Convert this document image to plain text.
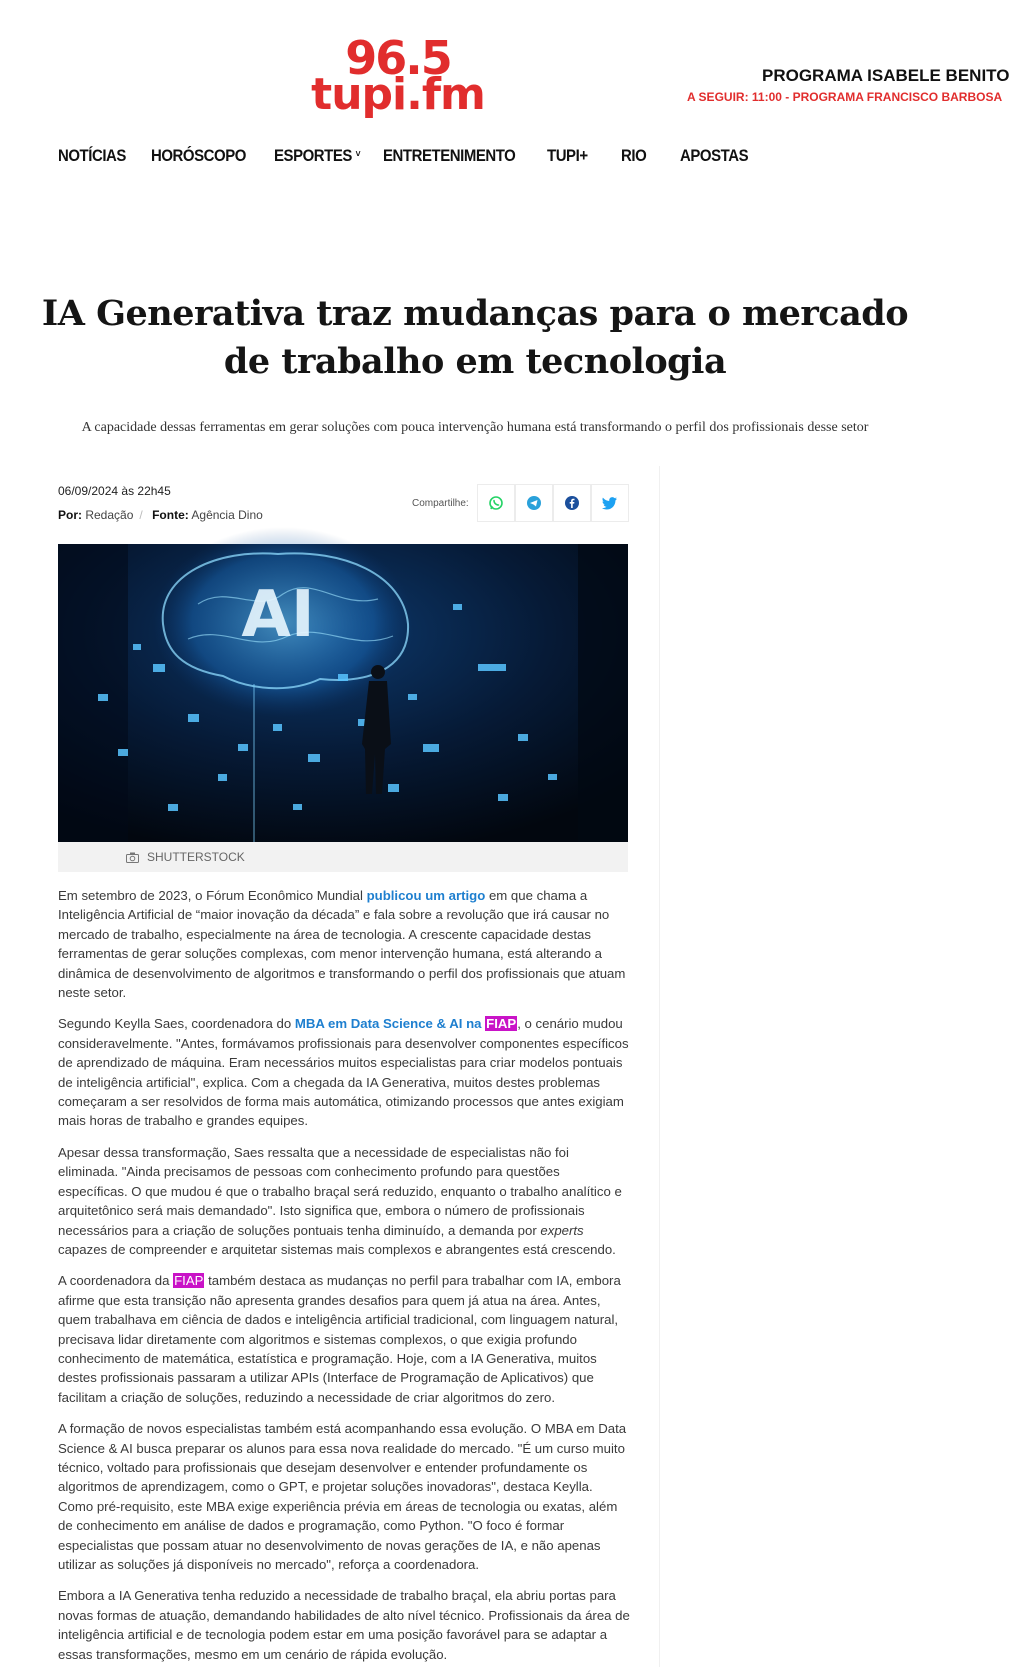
96.5
tupi.fm	PROGRAMA ISABELE BENITO
A SEGUIR: 11:00 - PROGRAMA FRANCISCO BARBOSA
NOTÍCIAS	HORÓSCOPO	ESPORTES ˅	ENTRETENIMENTO	TUPI+	RIO	APOSTAS
IA Generativa traz mudanças para o mercado de trabalho em tecnologia
A capacidade dessas ferramentas em gerar soluções com pouca intervenção humana está transformando o perfil dos profissionais desse setor
06/09/2024 às 22h45
Por: Redação / Fonte: Agência Dino
Compartilhe:
AI
SHUTTERSTOCK

Em setembro de 2023, o Fórum Econômico Mundial publicou um artigo em que chama a Inteligência Artificial de “maior inovação da década” e fala sobre a revolução que irá causar no mercado de trabalho, especialmente na área de tecnologia. A crescente capacidade destas ferramentas de gerar soluções complexas, com menor intervenção humana, está alterando a dinâmica de desenvolvimento de algoritmos e transformando o perfil dos profissionais que atuam neste setor.

Segundo Keylla Saes, coordenadora do MBA em Data Science & AI na FIAP, o cenário mudou consideravelmente. "Antes, formávamos profissionais para desenvolver componentes específicos de aprendizado de máquina. Eram necessários muitos especialistas para criar modelos pontuais de inteligência artificial", explica. Com a chegada da IA Generativa, muitos destes problemas começaram a ser resolvidos de forma mais automática, otimizando processos que antes exigiam mais horas de trabalho e grandes equipes.

Apesar dessa transformação, Saes ressalta que a necessidade de especialistas não foi eliminada. "Ainda precisamos de pessoas com conhecimento profundo para questões específicas. O que mudou é que o trabalho braçal será reduzido, enquanto o trabalho analítico e arquitetônico será mais demandado". Isto significa que, embora o número de profissionais necessários para a criação de soluções pontuais tenha diminuído, a demanda por experts capazes de compreender e arquitetar sistemas mais complexos e abrangentes está crescendo.

A coordenadora da FIAP também destaca as mudanças no perfil para trabalhar com IA, embora afirme que esta transição não apresenta grandes desafios para quem já atua na área. Antes, quem trabalhava em ciência de dados e inteligência artificial tradicional, com linguagem natural, precisava lidar diretamente com algoritmos e sistemas complexos, o que exigia profundo conhecimento de matemática, estatística e programação. Hoje, com a IA Generativa, muitos destes profissionais passaram a utilizar APIs (Interface de Programação de Aplicativos) que facilitam a criação de soluções, reduzindo a necessidade de criar algoritmos do zero.

A formação de novos especialistas também está acompanhando essa evolução. O MBA em Data Science & AI busca preparar os alunos para essa nova realidade do mercado. "É um curso muito técnico, voltado para profissionais que desejam desenvolver e entender profundamente os algoritmos de aprendizagem, como o GPT, e projetar soluções inovadoras", destaca Keylla. Como pré-requisito, este MBA exige experiência prévia em áreas de tecnologia ou exatas, além de conhecimento em análise de dados e programação, como Python. "O foco é formar especialistas que possam atuar no desenvolvimento de novas gerações de IA, e não apenas utilizar as soluções já disponíveis no mercado", reforça a coordenadora.

Embora a IA Generativa tenha reduzido a necessidade de trabalho braçal, ela abriu portas para novas formas de atuação, demandando habilidades de alto nível técnico. Profissionais da área de inteligência artificial e de tecnologia podem estar em uma posição favorável para se adaptar a essas transformações, mesmo em um cenário de rápida evolução.
